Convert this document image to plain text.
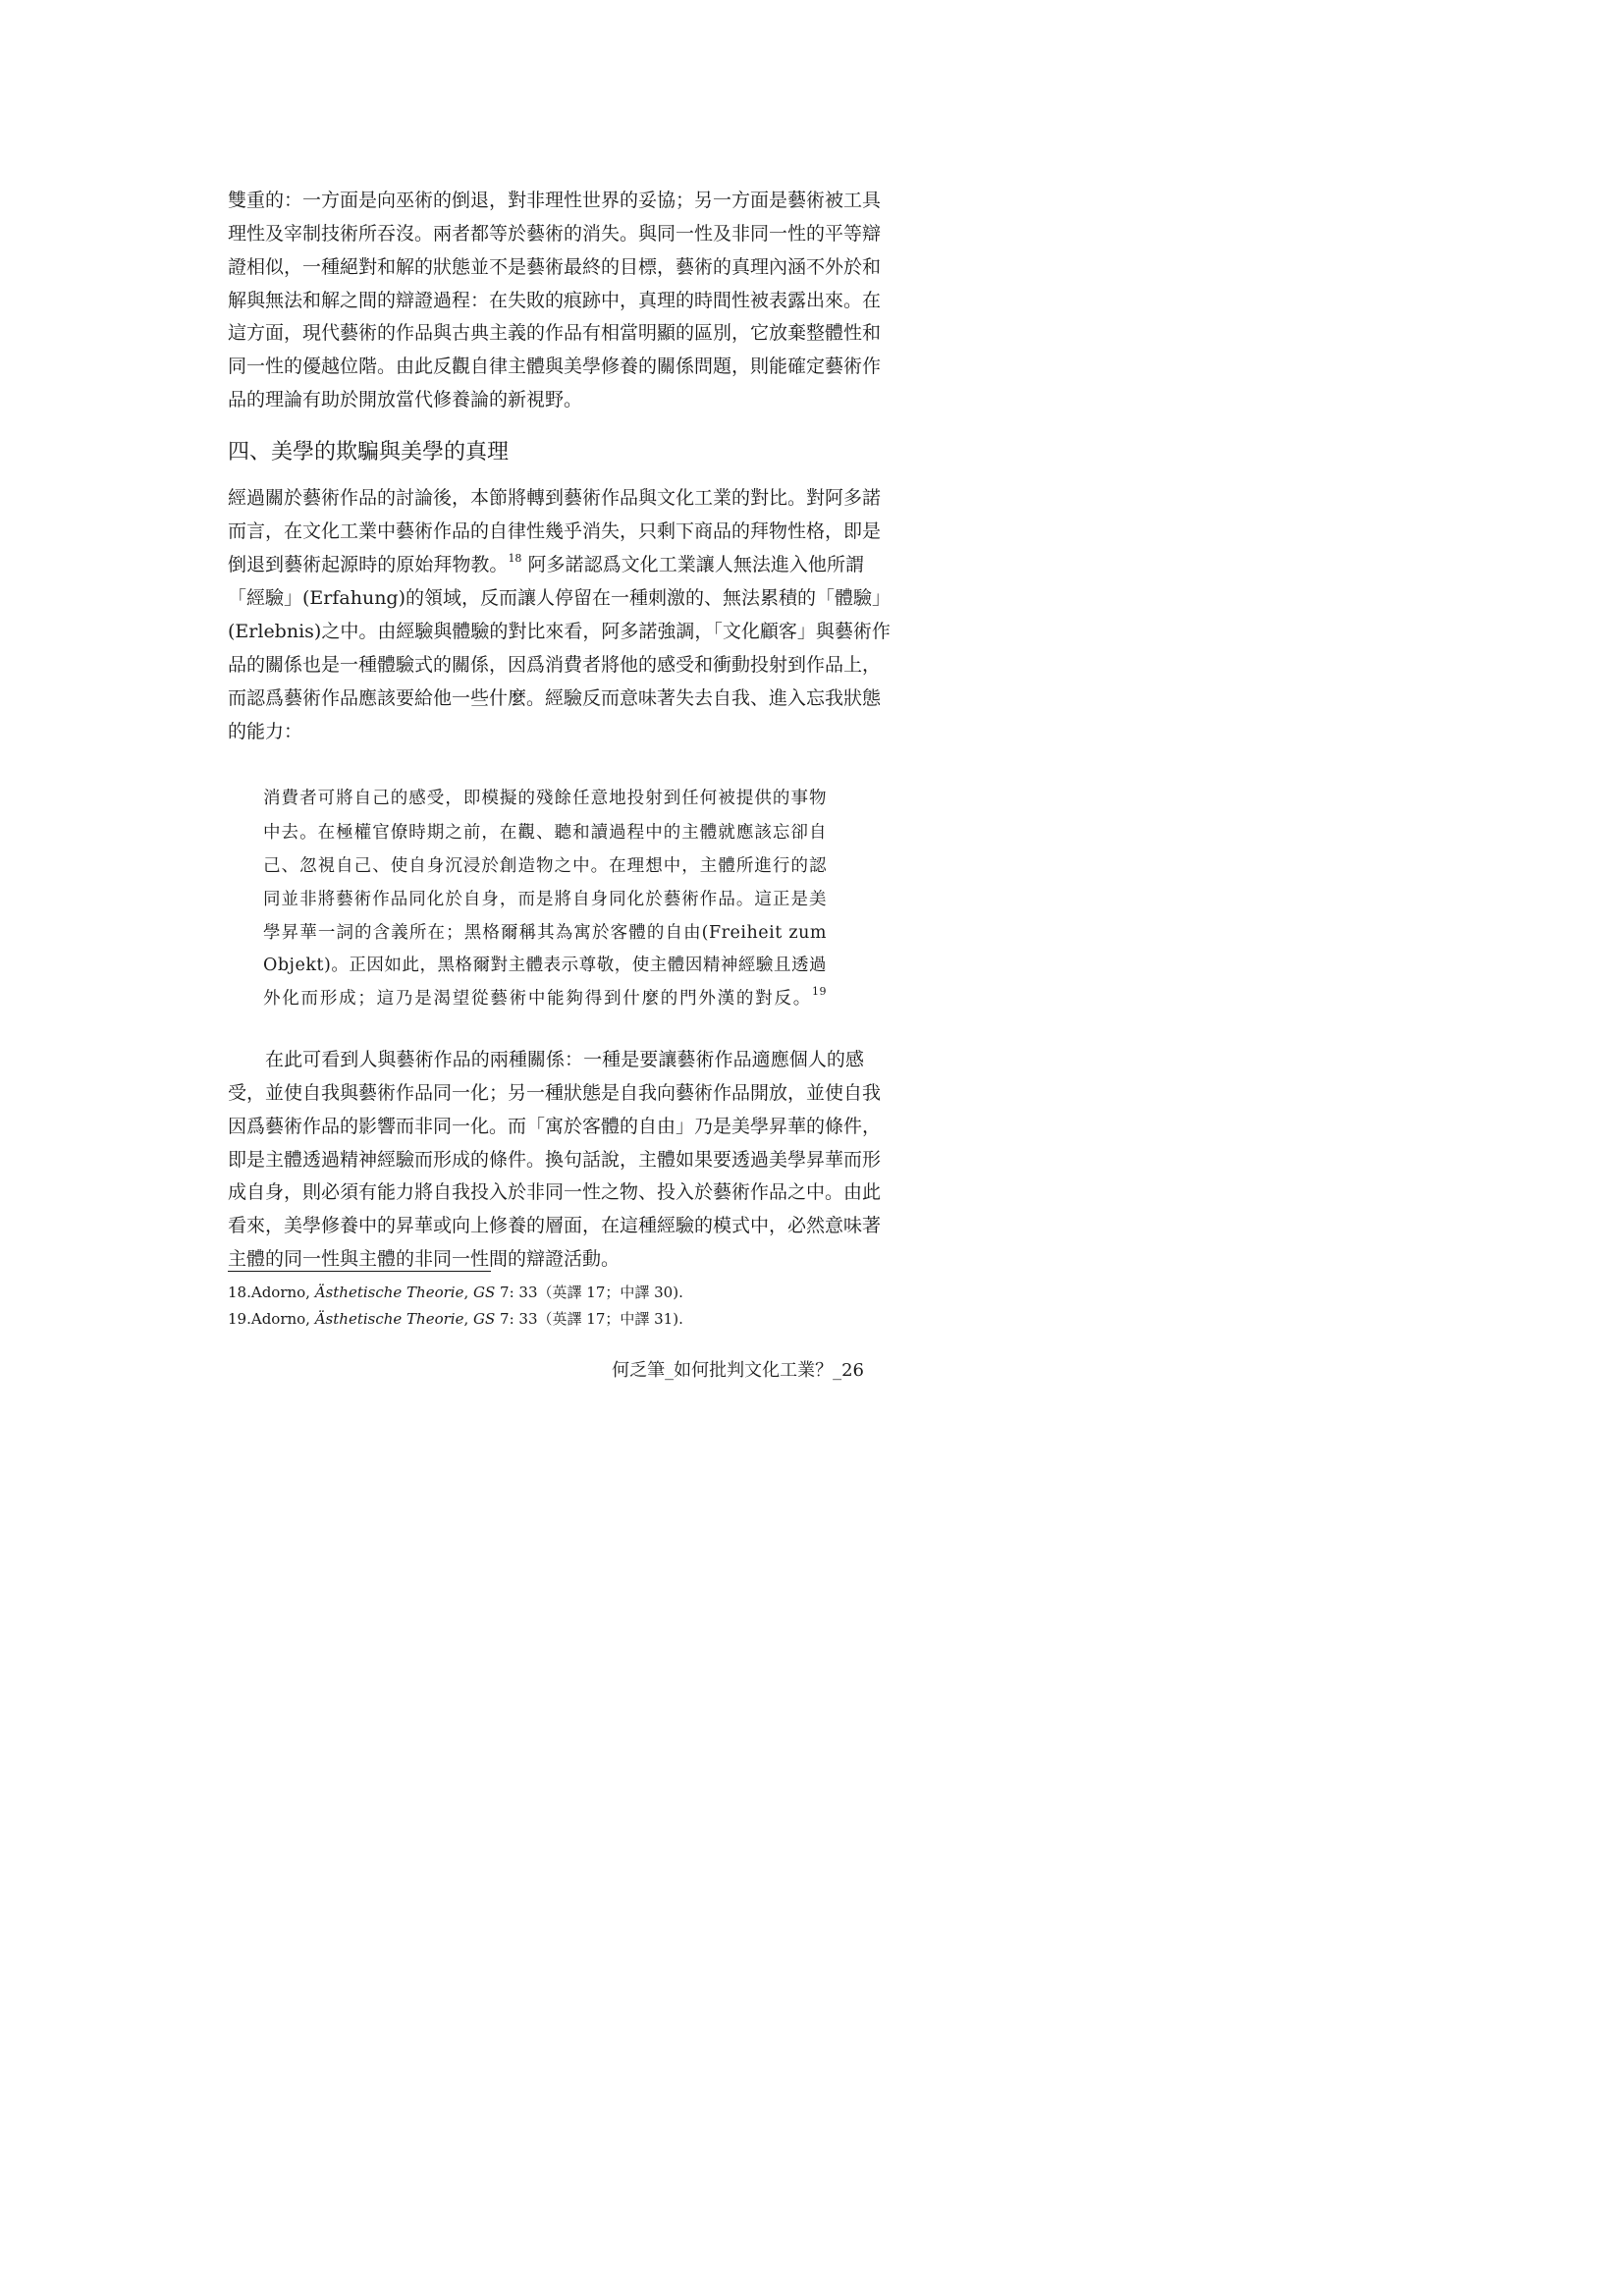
雙重的：一方面是向巫術的倒退，對非理性世界的妥協；另一方面是藝術被工具

理性及宰制技術所吞沒。兩者都等於藝術的消失。與同一性及非同一性的平等辯

證相似，一種絕對和解的狀態並不是藝術最終的目標，藝術的真理內涵不外於和

解與無法和解之間的辯證過程：在失敗的痕跡中，真理的時間性被表露出來。在

這方面，現代藝術的作品與古典主義的作品有相當明顯的區別，它放棄整體性和

同一性的優越位階。由此反觀自律主體與美學修養的關係問題，則能確定藝術作

品的理論有助於開放當代修養論的新視野。

四、美學的欺騙與美學的真理

經過關於藝術作品的討論後，本節將轉到藝術作品與文化工業的對比。對阿多諾

而言，在文化工業中藝術作品的自律性幾乎消失，只剩下商品的拜物性格，即是

倒退到藝術起源時的原始拜物教。$^{18}$ 阿多諾認爲文化工業讓人無法進入他所謂

「經驗」(Erfahung)的領域，反而讓人停留在一種刺激的、無法累積的「體驗」

(Erlebnis)之中。由經驗與體驗的對比來看，阿多諾強調，「文化顧客」與藝術作

品的關係也是一種體驗式的關係，因爲消費者將他的感受和衝動投射到作品上，

而認爲藝術作品應該要給他一些什麼。經驗反而意味著失去自我、進入忘我狀態

的能力：

消費者可將自己的感受，即模擬的殘餘任意地投射到任何被提供的事物

中去。在極權官僚時期之前，在觀、聽和讀過程中的主體就應該忘卻自

己、忽視自己、使自身沉浸於創造物之中。在理想中，主體所進行的認

同並非將藝術作品同化於自身，而是將自身同化於藝術作品。這正是美

學昇華一詞的含義所在；黑格爾稱其為寓於客體的自由(Freiheit zum

Objekt)。正因如此，黑格爾對主體表示尊敬，使主體因精神經驗且透過

外化而形成；這乃是渴望從藝術中能夠得到什麼的門外漢的對反。$^{19}$

在此可看到人與藝術作品的兩種關係：一種是要讓藝術作品適應個人的感

受，並使自我與藝術作品同一化；另一種狀態是自我向藝術作品開放，並使自我

因爲藝術作品的影響而非同一化。而「寓於客體的自由」乃是美學昇華的條件，

即是主體透過精神經驗而形成的條件。換句話說，主體如果要透過美學昇華而形

成自身，則必須有能力將自我投入於非同一性之物、投入於藝術作品之中。由此

看來，美學修養中的昇華或向上修養的層面，在這種經驗的模式中，必然意味著

主體的同一性與主體的非同一性間的辯證活動。

18.Adorno, Ästhetische Theorie, GS 7: 33（英譯 17；中譯 30).

19.Adorno, Ästhetische Theorie, GS 7: 33（英譯 17；中譯 31).

何乏筆_如何批判文化工業？_26
